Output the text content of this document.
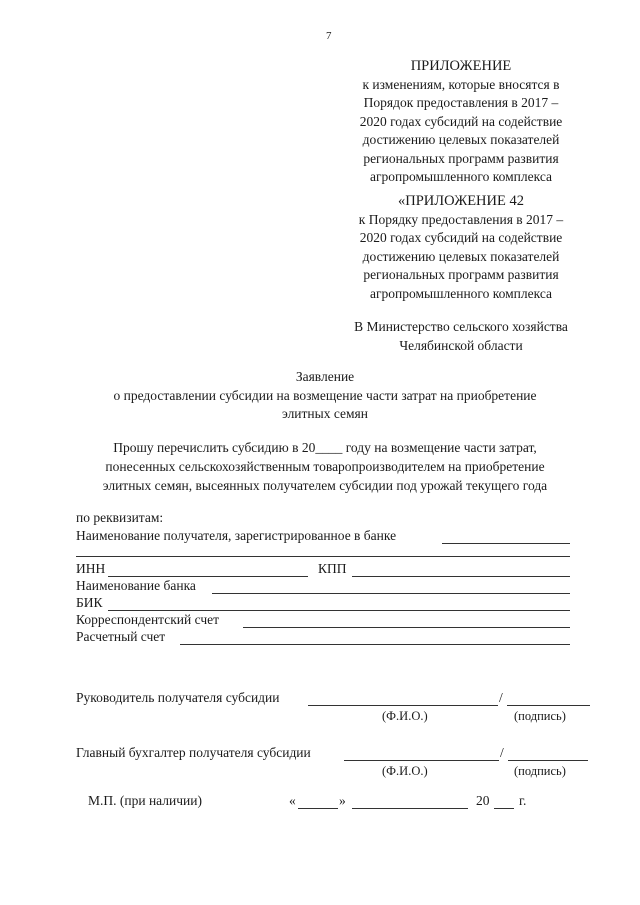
7
ПРИЛОЖЕНИЕ
к изменениям, которые вносятся в
Порядок предоставления в 2017 –
2020 годах субсидий на содействие
достижению целевых показателей
региональных программ развития
агропромышленного комплекса
«ПРИЛОЖЕНИЕ 42
к Порядку предоставления в 2017 –
2020 годах субсидий на содействие
достижению целевых показателей
региональных программ развития
агропромышленного комплекса
В Министерство сельского хозяйства
Челябинской области
Заявление
о предоставлении субсидии на возмещение части затрат на приобретение
элитных семян
Прошу перечислить субсидию в 20____ году на возмещение части затрат,
понесенных сельскохозяйственным товаропроизводителем на приобретение
элитных семян, высеянных получателем субсидии под урожай текущего года
по реквизитам:
Наименование получателя, зарегистрированное в банке
ИНН	КПП
Наименование банка
БИК
Корреспондентский счет
Расчетный счет
Руководитель получателя субсидии	/
(Ф.И.О.)	(подпись)
Главный бухгалтер получателя субсидии	/
(Ф.И.О.)	(подпись)
М.П. (при наличии)	«	»	20 г.
